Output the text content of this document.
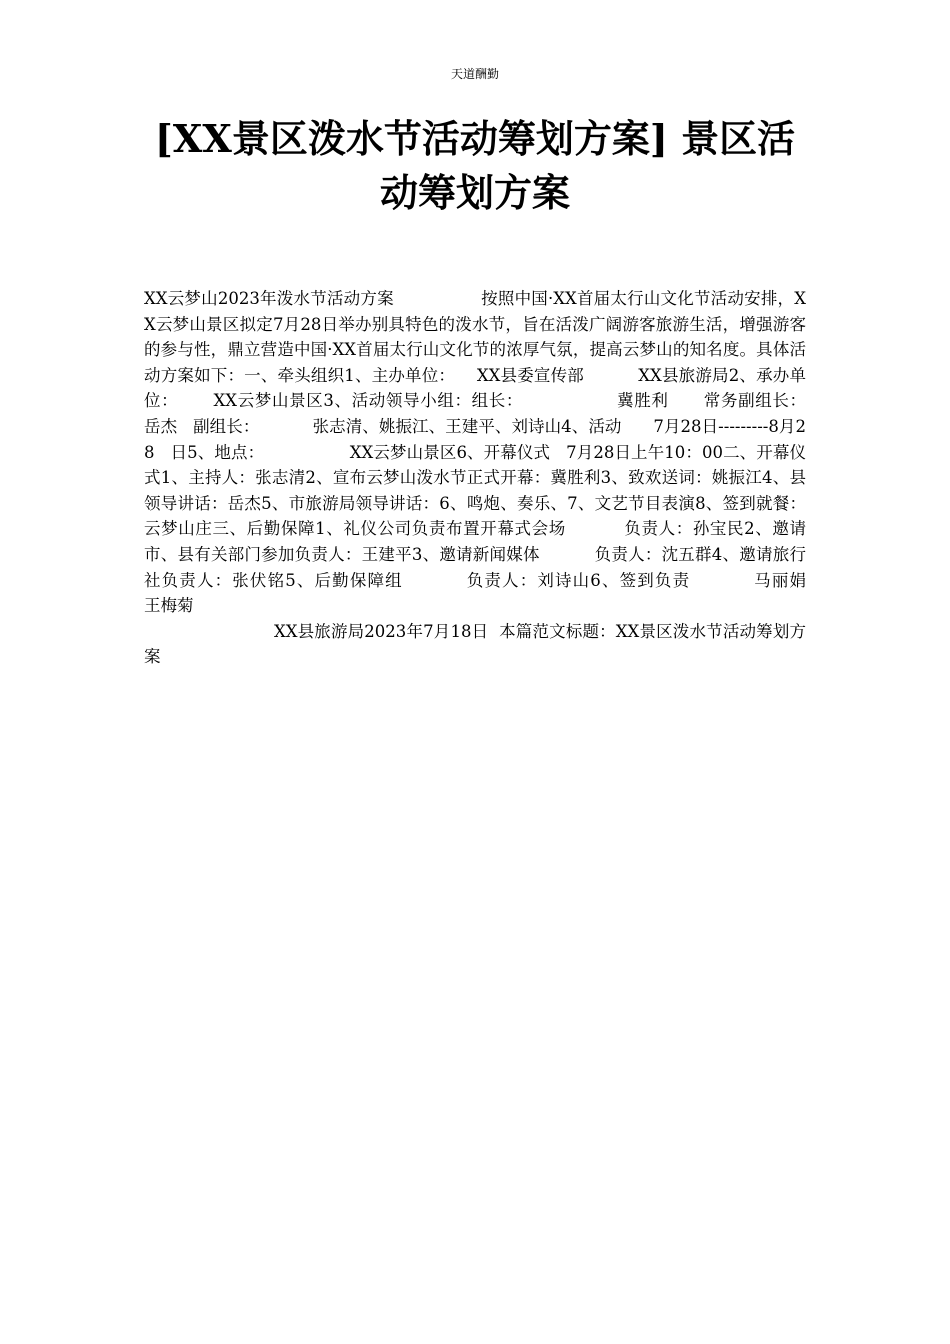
天道酬勤
[XX景区泼水节活动筹划方案] 景区活动筹划方案

XX云梦山2023年泼水节活动方案                按照中国·XX首届太行山文化节活动安排，XX云梦山景区拟定7月28日举办别具特色的泼水节，旨在活泼广阔游客旅游生活，增强游客的参与性，鼎立营造中国·XX首届太行山文化节的浓厚气氛，提高云梦山的知名度。具体活动方案如下：一、牵头组织1、主办单位：    XX县委宣传部          XX县旅游局2、承办单位：      XX云梦山景区3、活动领导小组：组长：                冀胜利      常务副组长：    岳杰   副组长：          张志清、姚振江、王建平、刘诗山4、活动      7月28日---------8月28   日5、地点：                XX云梦山景区6、开幕仪式   7月28日上午10：00二、开幕仪式1、主持人：张志清2、宣布云梦山泼水节正式开幕：冀胜利3、致欢送词：姚振江4、县领导讲话：岳杰5、市旅游局领导讲话：6、鸣炮、奏乐、7、文艺节目表演8、签到就餐：云梦山庄三、后勤保障1、礼仪公司负责布置开幕式会场          负责人：孙宝民2、邀请市、县有关部门参加负责人：王建平3、邀请新闻媒体          负责人：沈五群4、邀请旅行社负责人：张伏铭5、后勤保障组          负责人：刘诗山6、签到负责          马丽娟          王梅菊
XX县旅游局2023年7月18日  本篇范文标题：XX景区泼水节活动筹划方案
